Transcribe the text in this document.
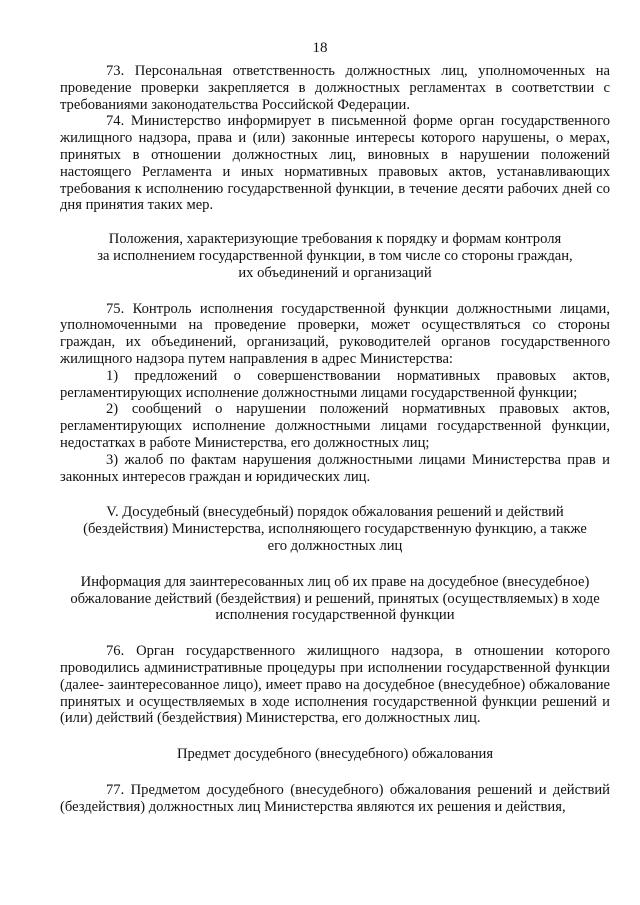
18

73. Персональная ответственность должностных лиц, уполномоченных на проведение проверки закрепляется в должностных регламентах в соответствии с требованиями законодательства Российской Федерации.

74. Министерство информирует в письменной форме орган государственного жилищного надзора, права и (или) законные интересы которого нарушены, о мерах, принятых в отношении должностных лиц, виновных в нарушении положений настоящего Регламента и иных нормативных правовых актов, устанавливающих требования к исполнению государственной функции, в течение десяти рабочих дней со дня принятия таких мер.

Положения, характеризующие требования к порядку и формам контроля
за исполнением государственной функции, в том числе со стороны граждан,
их объединений и организаций

75. Контроль исполнения государственной функции должностными лицами, уполномоченными на проведение проверки, может осуществляться со стороны граждан, их объединений, организаций, руководителей органов государственного жилищного надзора путем направления в адрес Министерства:

1) предложений о совершенствовании нормативных правовых актов, регламентирующих исполнение должностными лицами государственной функции;

2) сообщений о нарушении положений нормативных правовых актов, регламентирующих исполнение должностными лицами государственной функции, недостатках в работе Министерства, его должностных лиц;

3) жалоб по фактам нарушения должностными лицами Министерства прав и законных интересов граждан и юридических лиц.

V. Досудебный (внесудебный) порядок обжалования решений и действий
(бездействия) Министерства, исполняющего государственную функцию, а также
его должностных лиц
Информация для заинтересованных лиц об их праве на досудебное (внесудебное)
обжалование действий (бездействия) и решений, принятых (осуществляемых) в ходе
исполнения государственной функции

76. Орган государственного жилищного надзора, в отношении которого проводились административные процедуры при исполнении государственной функции (далее- заинтересованное лицо), имеет право на досудебное (внесудебное) обжалование принятых и осуществляемых в ходе исполнения государственной функции решений и (или) действий (бездействия) Министерства, его должностных лиц.

Предмет досудебного (внесудебного) обжалования

77. Предметом досудебного (внесудебного) обжалования решений и действий (бездействия) должностных лиц Министерства являются их решения и действия,
